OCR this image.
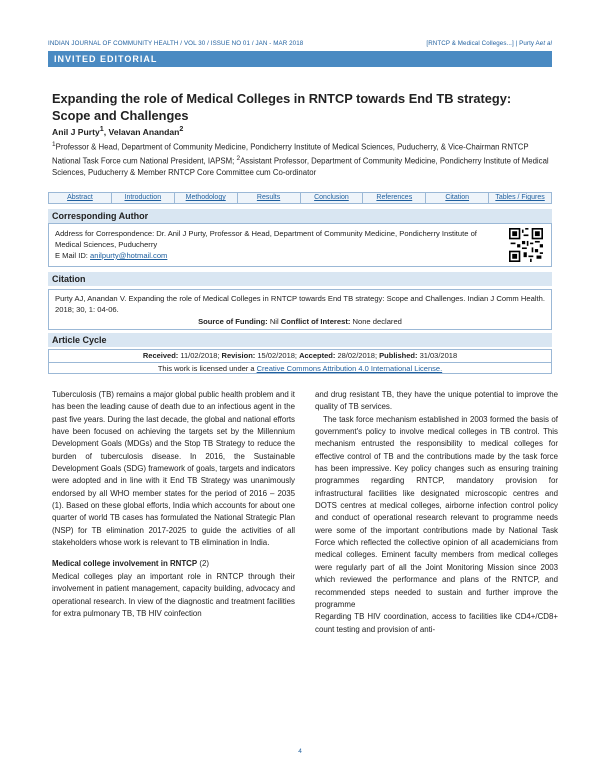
INDIAN JOURNAL OF COMMUNITY HEALTH / VOL 30 / ISSUE NO 01 / JAN - MAR 2018	[RNTCP & Medical Colleges...] | Purty Aet al
INVITED EDITORIAL
Expanding the role of Medical Colleges in RNTCP towards End TB strategy: Scope and Challenges
Anil J Purty$^1$, Velavan Anandan$^2$
$^1$Professor & Head, Department of Community Medicine, Pondicherry Institute of Medical Sciences, Puducherry, & Vice-Chairman RNTCP National Task Force cum National President, IAPSM; $^2$Assistant Professor, Department of Community Medicine, Pondicherry Institute of Medical Sciences, Puducherry & Member RNTCP Core Committee cum Co-ordinator
Abstract	Introduction	Methodology	Results	Conclusion	References	Citation	Tables / Figures
Corresponding Author
Address for Correspondence: Dr. Anil J Purty, Professor & Head, Department of Community Medicine, Pondicherry Institute of Medical Sciences, Puducherry
E Mail ID: anilpurty@hotmail.com
Citation
Purty AJ, Anandan V. Expanding the role of Medical Colleges in RNTCP towards End TB strategy: Scope and Challenges. Indian J Comm Health. 2018; 30, 1: 04-06.
Source of Funding: Nil Conflict of Interest: None declared
Article Cycle
Received: 11/02/2018; Revision: 15/02/2018; Accepted: 28/02/2018; Published: 31/03/2018
This work is licensed under a Creative Commons Attribution 4.0 International License.

Tuberculosis (TB) remains a major global public health problem and it has been the leading cause of death due to an infectious agent in the past five years. During the last decade, the global and national efforts have been focused on achieving the targets set by the Millennium Development Goals (MDGs) and the Stop TB Strategy to reduce the burden of tuberculosis disease. In 2016, the Sustainable Development Goals (SDG) framework of goals, targets and indicators were adopted and in line with it End TB Strategy was unanimously endorsed by all WHO member states for the period of 2016 – 2035 (1). Based on these global efforts, India which accounts for about one quarter of world TB cases has formulated the National Strategic Plan (NSP) for TB elimination 2017-2025 to guide the activities of all stakeholders whose work is relevant to TB elimination in India.

Medical college involvement in RNTCP (2)

Medical colleges play an important role in RNTCP through their involvement in patient management, capacity building, advocacy and operational research. In view of the diagnostic and treatment facilities for extra pulmonary TB, TB HIV coinfection

and drug resistant TB, they have the unique potential to improve the quality of TB services.

The task force mechanism established in 2003 formed the basis of government's policy to involve medical colleges in TB control. This mechanism entrusted the responsibility to medical colleges for effective control of TB and the contributions made by the task force has been impressive. Key policy changes such as ensuring training programmes regarding RNTCP, mandatory provision for infrastructural facilities like designated microscopic centres and DOTS centres at medical colleges, airborne infection control policy and conduct of operational research relevant to programme needs were some of the important contributions made by National Task Force which reflected the collective opinion of all academicians from medical colleges. Eminent faculty members from medical colleges were regularly part of all the Joint Monitoring Mission since 2003 which reviewed the performance and plans of the RNTCP, and recommended steps needed to sustain and further improve the programme

Regarding TB HIV coordination, access to facilities like CD4+/CD8+ count testing and provision of anti-

4
